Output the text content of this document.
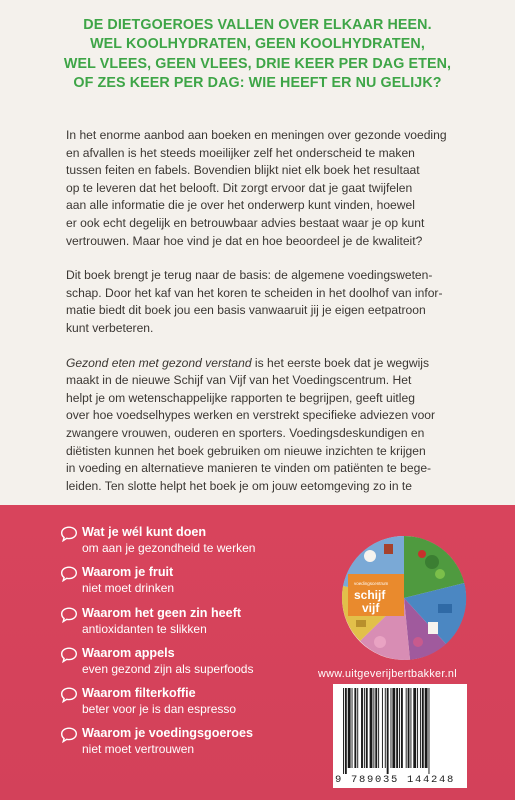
DE DIETGOEROES VALLEN OVER ELKAAR HEEN.
WEL KOOLHYDRATEN, GEEN KOOLHYDRATEN,
WEL VLEES, GEEN VLEES, DRIE KEER PER DAG ETEN,
OF ZES KEER PER DAG: WIE HEEFT ER NU GELIJK?

In het enorme aanbod aan boeken en meningen over gezonde voeding
en afvallen is het steeds moeilijker zelf het onderscheid te maken
tussen feiten en fabels. Bovendien blijkt niet elk boek het resultaat
op te leveren dat het belooft. Dit zorgt ervoor dat je gaat twijfelen
aan alle informatie die je over het onderwerp kunt vinden, hoewel
er ook echt degelijk en betrouwbaar advies bestaat waar je op kunt
vertrouwen. Maar hoe vind je dat en hoe beoordeel je de kwaliteit?

Dit boek brengt je terug naar de basis: de algemene voedingsweten-
schap. Door het kaf van het koren te scheiden in het doolhof van infor-
matie biedt dit boek jou een basis vanwaaruit jij je eigen eetpatroon
kunt verbeteren.

Gezond eten met gezond verstand is het eerste boek dat je wegwijs
maakt in de nieuwe Schijf van Vijf van het Voedingscentrum. Het
helpt je om wetenschappelijke rapporten te begrijpen, geeft uitleg
over hoe voedselhypes werken en verstrekt specifieke adviezen voor
zwangere vrouwen, ouderen en sporters. Voedingsdeskundigen en
diëtisten kunnen het boek gebruiken om nieuwe inzichten te krijgen
in voeding en alternatieve manieren te vinden om patiënten te bege-
leiden. Ten slotte helpt het boek je om jouw eetomgeving zo in te

Wat je wél kunt doen
om aan je gezondheid te werken
Waarom je fruit
niet moet drinken
Waarom het geen zin heeft
antioxidanten te slikken
Waarom appels
even gezond zijn als superfoods
Waarom filterkoffie
beter voor je is dan espresso
Waarom je voedingsgoeroes
niet moet vertrouwen
voedingscentrum
schijf
vijf
www.uitgeverijbertbakker.nl
9 789035 144248
